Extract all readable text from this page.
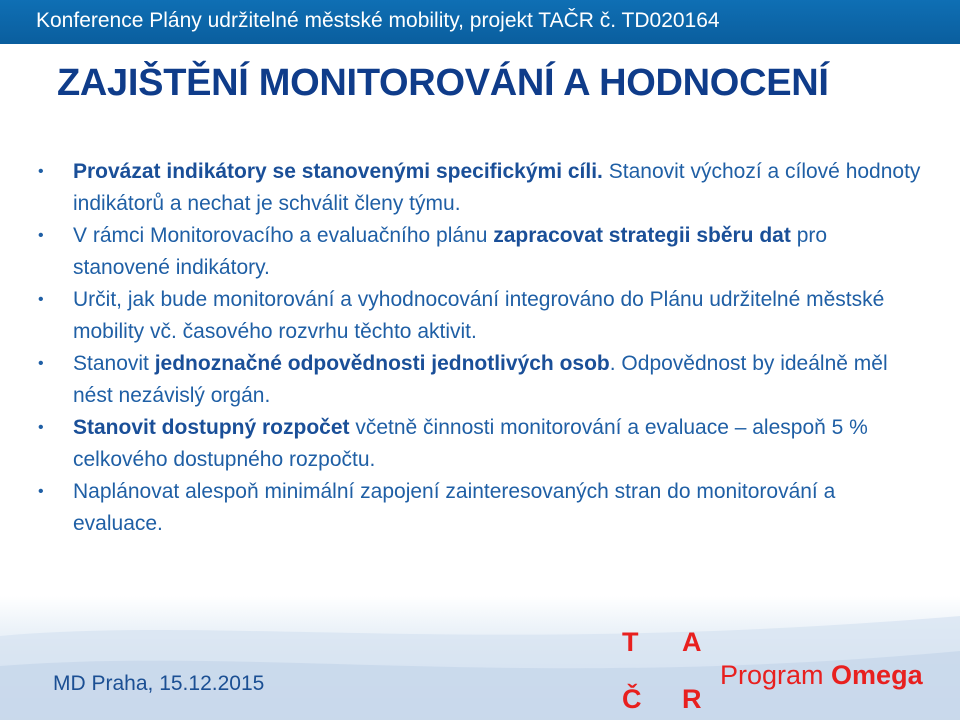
Konference Plány udržitelné městské mobility, projekt TAČR č. TD020164
ZAJIŠTĚNÍ MONITOROVÁNÍ A HODNOCENÍ
• Provázat indikátory se stanovenými specifickými cíli. Stanovit výchozí a cílové hodnoty indikátorů a nechat je schválit členy týmu.
• V rámci Monitorovacího a evaluačního plánu zapracovat strategii sběru dat pro stanovené indikátory.
• Určit, jak bude monitorování a vyhodnocování integrováno do Plánu udržitelné městské mobility vč. časového rozvrhu těchto aktivit.
• Stanovit jednoznačné odpovědnosti jednotlivých osob. Odpovědnost by ideálně měl nést nezávislý orgán.
• Stanovit dostupný rozpočet včetně činnosti monitorování a evaluace – alespoň 5 % celkového dostupného rozpočtu.
• Naplánovat alespoň minimální zapojení zainteresovaných stran do monitorování a evaluace.
MD Praha, 15.12.2015
T A
Č R
Program Omega
